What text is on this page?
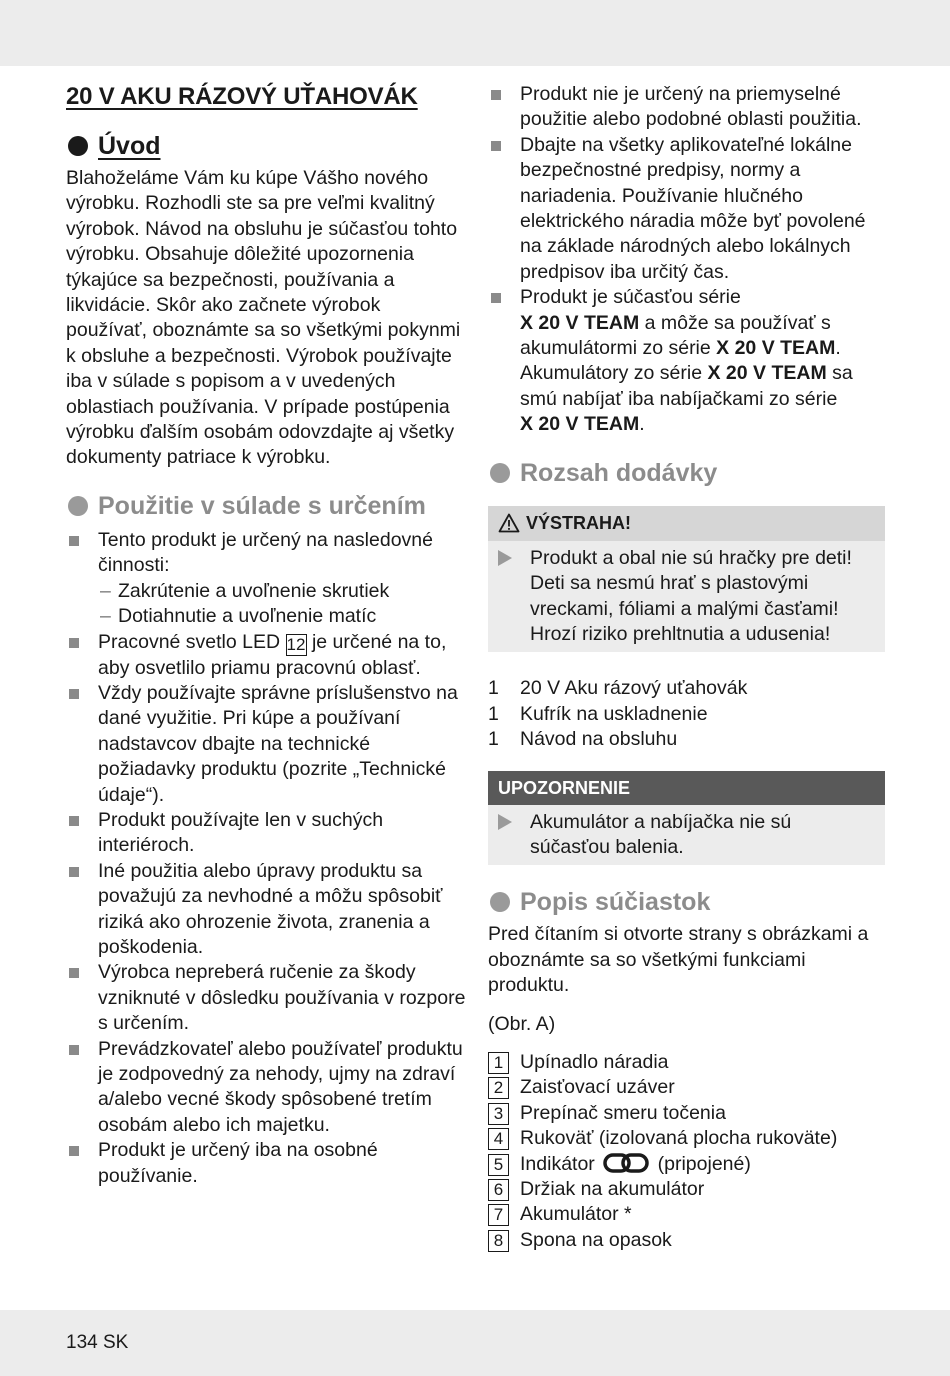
20 V AKU RÁZOVÝ UŤAHOVÁK
Úvod

Blahoželáme Vám ku kúpe Vášho nového výrobku. Rozhodli ste sa pre veľmi kvalitný výrobok. Návod na obsluhu je súčasťou tohto výrobku. Obsahuje dôležité upozornenia týkajúce sa bezpečnosti, používania a likvidácie. Skôr ako začnete výrobok používať, oboznámte sa so všetkými pokynmi k obsluhe a bezpečnosti. Výrobok používajte iba v súlade s popisom a v uvedených oblastiach používania. V prípade postúpenia výrobku ďalším osobám odovzdajte aj všetky dokumenty patriace k výrobku.

Použitie v súlade s určením
Tento produkt je určený na nasledovné činnosti:
– Zakrútenie a uvoľnenie skrutiek
– Dotiahnutie a uvoľnenie matíc
Pracovné svetlo LED 12 je určené na to, aby osvetlilo priamu pracovnú oblasť.
Vždy používajte správne príslušenstvo na dané využitie. Pri kúpe a používaní nadstavcov dbajte na technické požiadavky produktu (pozrite „Technické údaje“).
Produkt používajte len v suchých interiéroch.
Iné použitia alebo úpravy produktu sa považujú za nevhodné a môžu spôsobiť riziká ako ohrozenie života, zranenia a poškodenia.
Výrobca nepreberá ručenie za škody vzniknuté v dôsledku používania v rozpore s určením.
Prevádzkovateľ alebo používateľ produktu je zodpovedný za nehody, ujmy na zdraví a/alebo vecné škody spôsobené tretím osobám alebo ich majetku.
Produkt je určený iba na osobné používanie.
Produkt nie je určený na priemyselné použitie alebo podobné oblasti použitia.
Dbajte na všetky aplikovateľné lokálne bezpečnostné predpisy, normy a nariadenia. Používanie hlučného elektrického náradia môže byť povolené na základe národných alebo lokálnych predpisov iba určitý čas.
Produkt je súčasťou série
X 20 V TEAM a môže sa používať s akumulátormi zo série X 20 V TEAM. Akumulátory zo série X 20 V TEAM sa smú nabíjať iba nabíjačkami zo série
X 20 V TEAM.
Rozsah dodávky
VÝSTRAHA!
Produkt a obal nie sú hračky pre deti! Deti sa nesmú hrať s plastovými vreckami, fóliami a malými časťami! Hrozí riziko prehltnutia a udusenia!
1 20 V Aku rázový uťahovák
1 Kufrík na uskladnenie
1 Návod na obsluhu
UPOZORNENIE
Akumulátor a nabíjačka nie sú súčasťou balenia.
Popis súčiastok

Pred čítaním si otvorte strany s obrázkami a oboznámte sa so všetkými funkciami produktu.

(Obr. A)

1 Upínadlo náradia
2 Zaisťovací uzáver
3 Prepínač smeru točenia
4 Rukoväť (izolovaná plocha rukoväte)
5 Indikátor	(pripojené)
6 Držiak na akumulátor
7 Akumulátor *
8 Spona na opasok
134 SK
